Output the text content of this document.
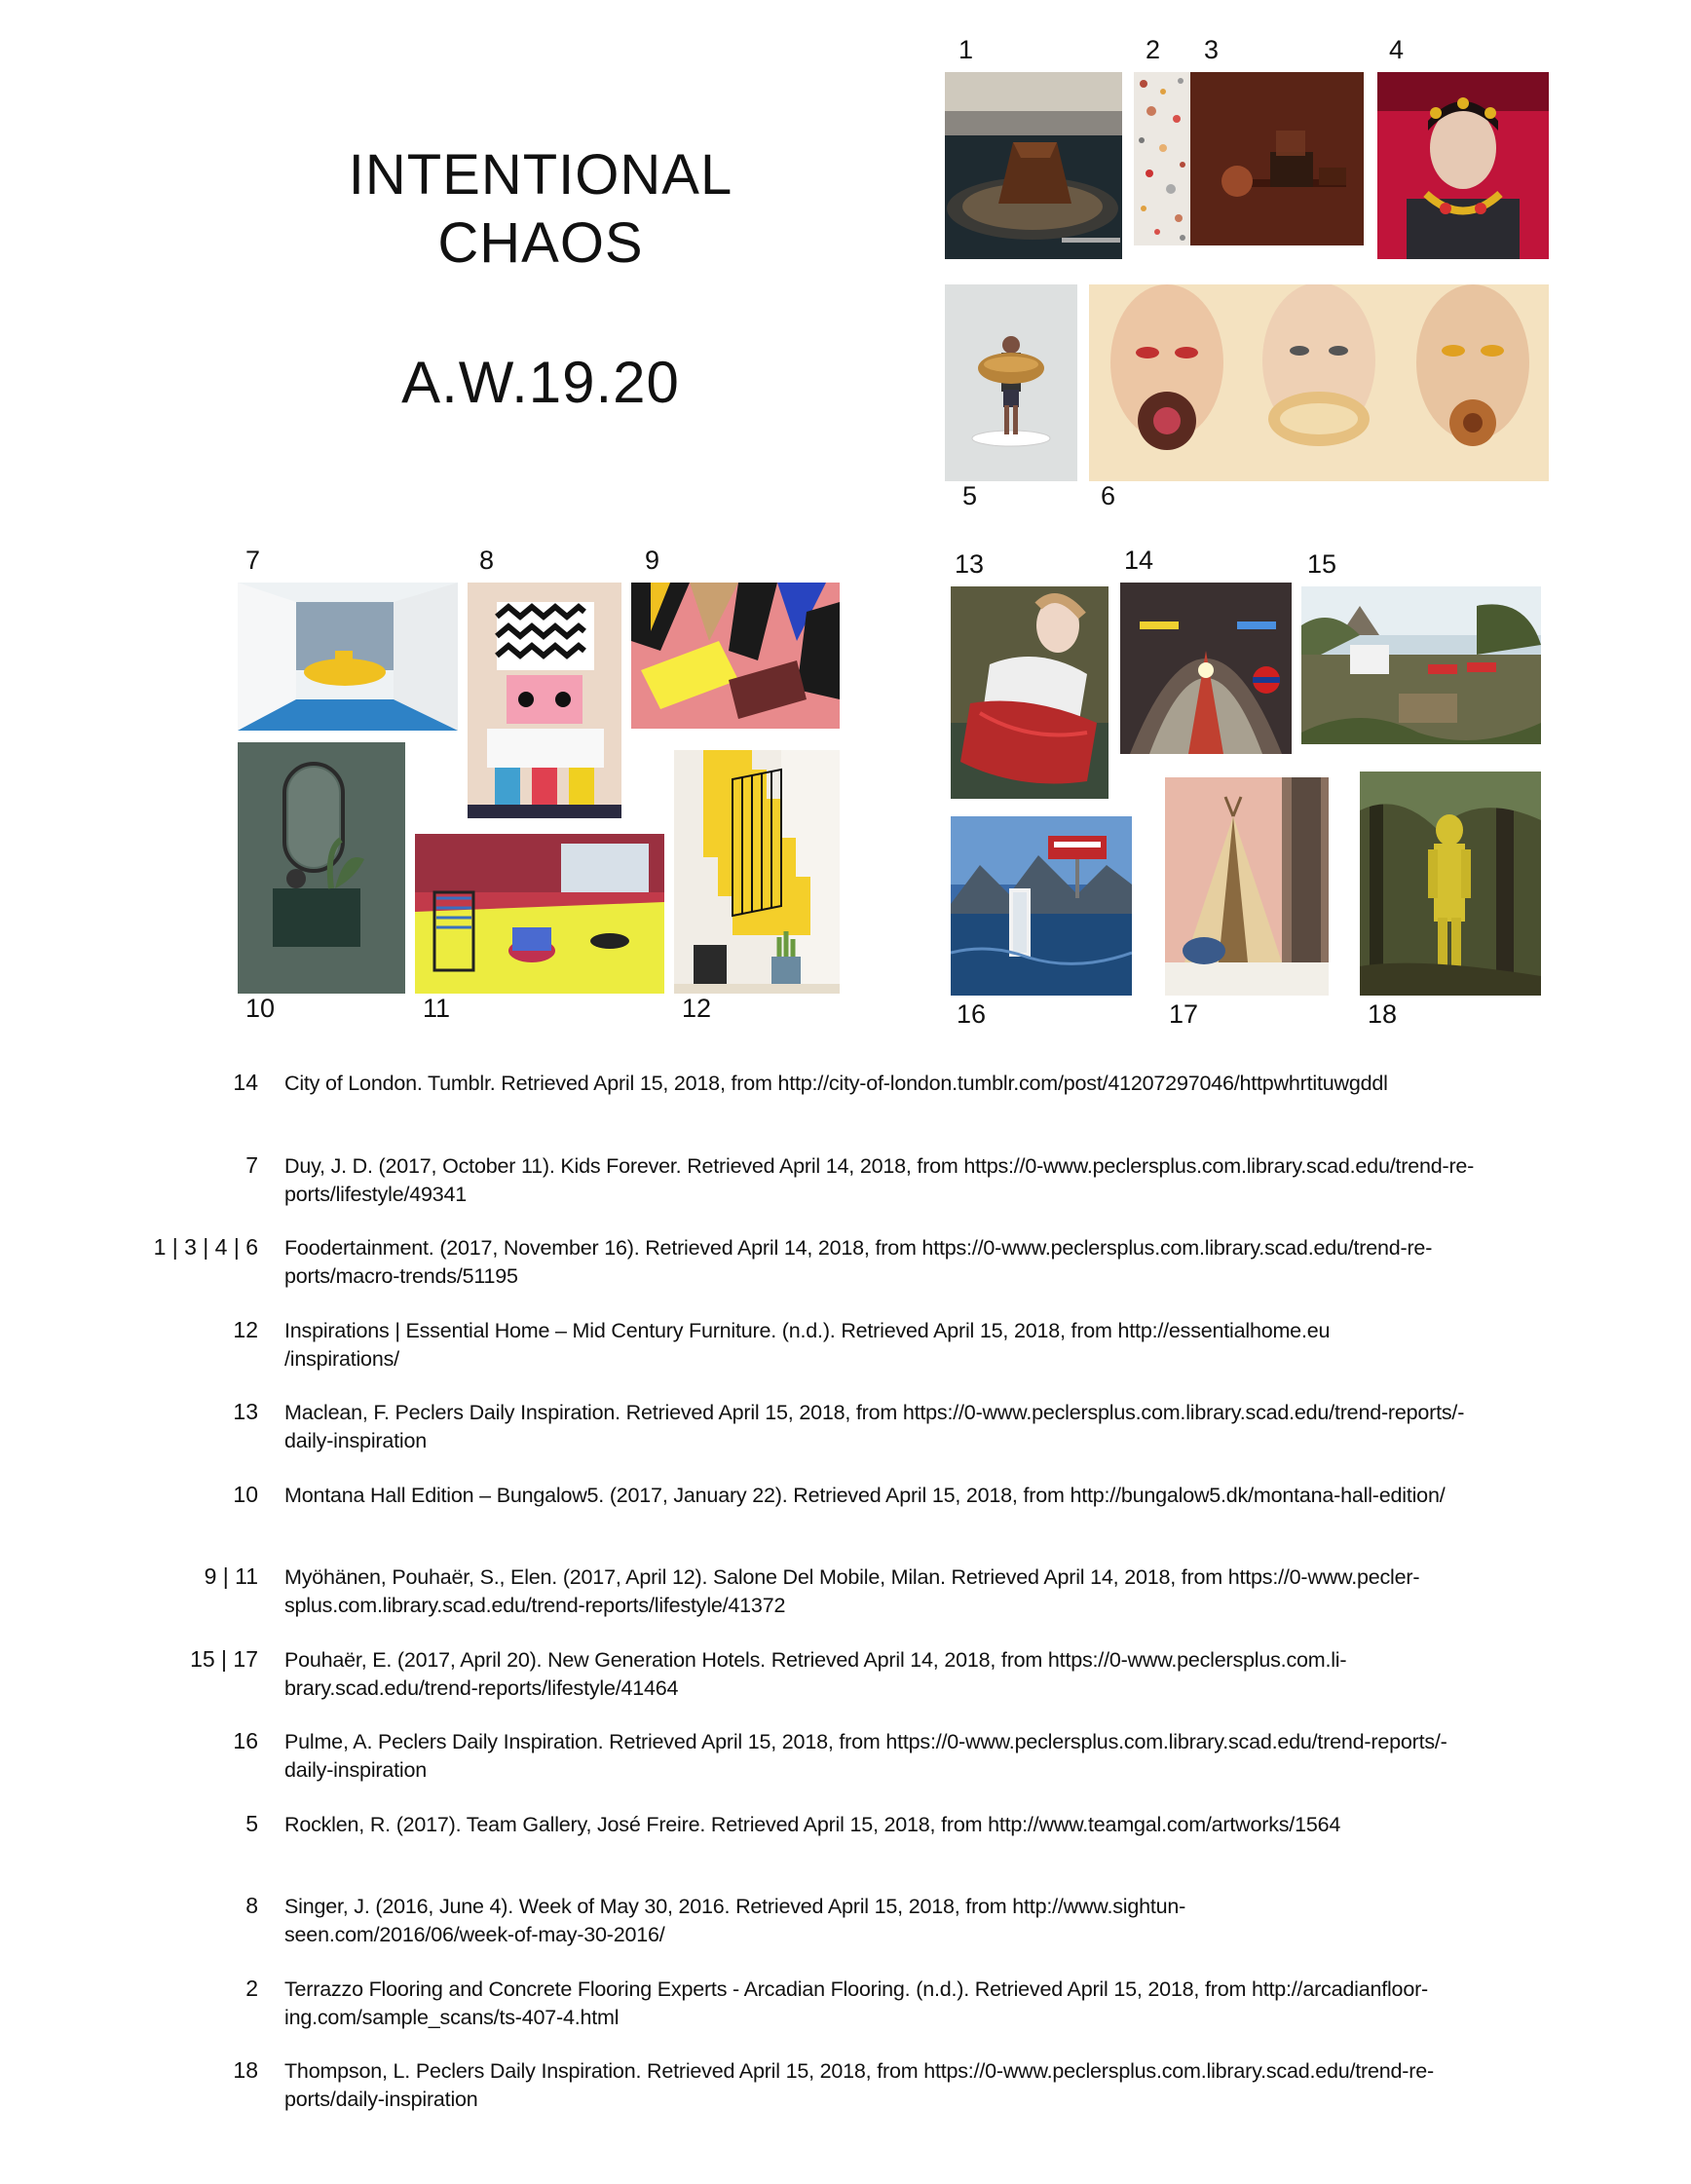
INTENTIONAL
CHAOS
A.W.19.20
1	2 3	4
5	6
7	8	9
10	11	12
13	14	15
16	17	18
14 City of London. Tumblr. Retrieved April 15, 2018, from http://city-of-london.tumblr.com/post/41207297046/httpwhrtituwgddl
7 Duy, J. D. (2017, October 11). Kids Forever. Retrieved April 14, 2018, from https://0-www.peclersplus.com.library.scad.edu/trend-re-
ports/lifestyle/49341
1 | 3 | 4 | 6 Foodertainment. (2017, November 16). Retrieved April 14, 2018, from https://0-www.peclersplus.com.library.scad.edu/trend-re-
ports/macro-trends/51195
12 Inspirations | Essential Home – Mid Century Furniture. (n.d.). Retrieved April 15, 2018, from http://essentialhome.eu
/inspirations/
13 Maclean, F. Peclers Daily Inspiration. Retrieved April 15, 2018, from https://0-www.peclersplus.com.library.scad.edu/trend-reports/-
daily-inspiration
10 Montana Hall Edition – Bungalow5. (2017, January 22). Retrieved April 15, 2018, from http://bungalow5.dk/montana-hall-edition/
9 | 11 Myöhänen, Pouhaër, S., Elen. (2017, April 12). Salone Del Mobile, Milan. Retrieved April 14, 2018, from https://0-www.pecler-
splus.com.library.scad.edu/trend-reports/lifestyle/41372
15 | 17 Pouhaër, E. (2017, April 20). New Generation Hotels. Retrieved April 14, 2018, from https://0-www.peclersplus.com.li-
brary.scad.edu/trend-reports/lifestyle/41464
16 Pulme, A. Peclers Daily Inspiration. Retrieved April 15, 2018, from https://0-www.peclersplus.com.library.scad.edu/trend-reports/-
daily-inspiration
5 Rocklen, R. (2017). Team Gallery, José Freire. Retrieved April 15, 2018, from http://www.teamgal.com/artworks/1564
8 Singer, J. (2016, June 4). Week of May 30, 2016. Retrieved April 15, 2018, from http://www.sightun-
seen.com/2016/06/week-of-may-30-2016/
2 Terrazzo Flooring and Concrete Flooring Experts - Arcadian Flooring. (n.d.). Retrieved April 15, 2018, from http://arcadianfloor-
ing.com/sample_scans/ts-407-4.html
18 Thompson, L. Peclers Daily Inspiration. Retrieved April 15, 2018, from https://0-www.peclersplus.com.library.scad.edu/trend-re-
ports/daily-inspiration
